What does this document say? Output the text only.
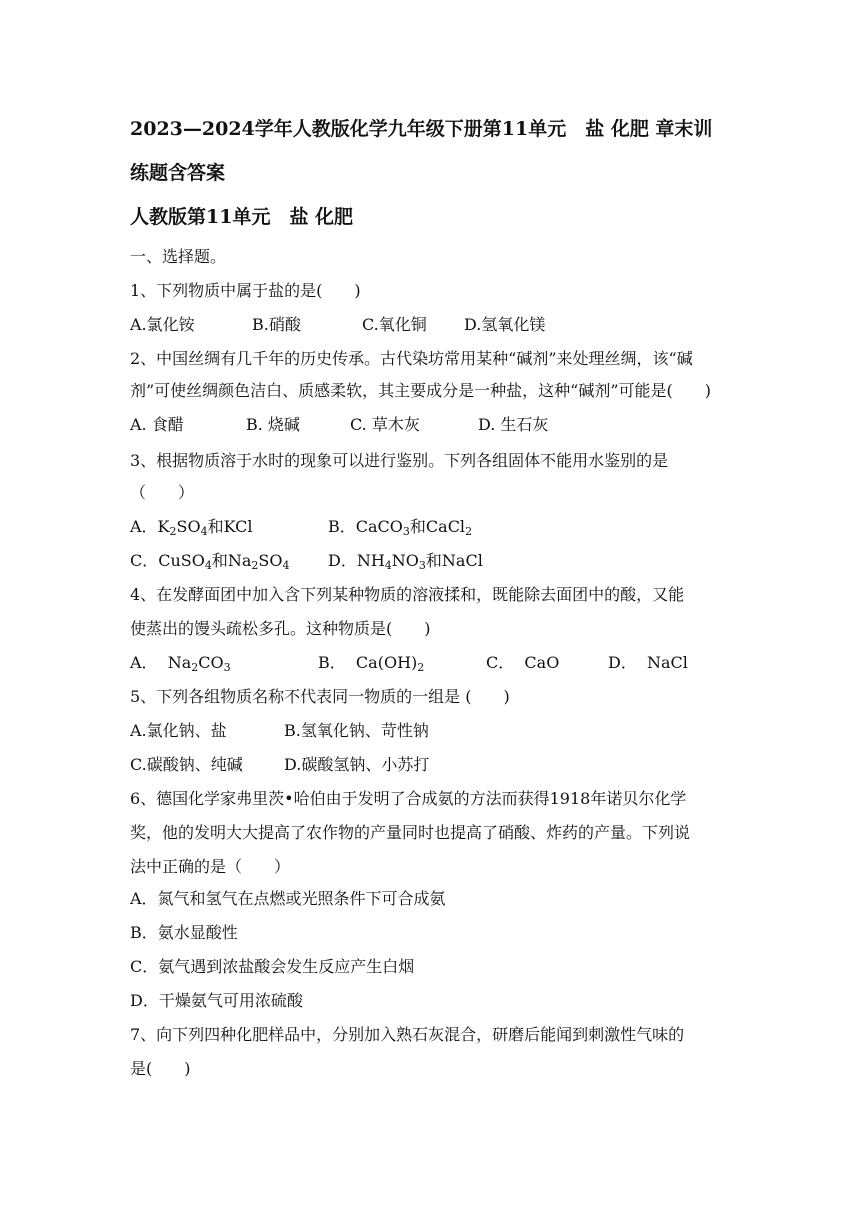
2023—2024学年人教版化学九年级下册第11单元　盐 化肥 章末训
练题含答案
人教版第11单元　盐 化肥
一、选择题。
1、下列物质中属于盐的是(　　)
A.氯化铵	B.硝酸	C.氧化铜 D.氢氧化镁
2、中国丝绸有几千年的历史传承。古代染坊常用某种“碱剂”来处理丝绸，该“碱
剂”可使丝绸颜色洁白、质感柔软，其主要成分是一种盐，这种“碱剂”可能是(　　)
A. 食醋	B. 烧碱	C. 草木灰	D. 生石灰
3、根据物质溶于水时的现象可以进行鉴别。下列各组固体不能用水鉴别的是
（　　）
A．$K_2SO_4$和KCl	B．CaCO$_3$和CaCl$_2$
C．CuSO$_4$和$Na_2SO_4$ D．$NH_4NO_3$和NaCl
4、在发酵面团中加入含下列某种物质的溶液揉和，既能除去面团中的酸，又能
使蒸出的馒头疏松多孔。这种物质是(　　)
A．  $Na_2CO_3$	B．  $Ca(OH)_2$	C．  CaO	D．  NaCl
5、下列各组物质名称不代表同一物质的一组是 (　　)
A.氯化钠、盐	B.氢氧化钠、苛性钠
C.碳酸钠、纯碱	D.碳酸氢钠、小苏打
6、德国化学家弗里茨•哈伯由于发明了合成氨的方法而获得1918年诺贝尔化学
奖，他的发明大大提高了农作物的产量同时也提高了硝酸、炸药的产量。下列说
法中正确的是（　　）
A．氮气和氢气在点燃或光照条件下可合成氨
B．氨水显酸性
C．氨气遇到浓盐酸会发生反应产生白烟
D．干燥氨气可用浓硫酸
7、向下列四种化肥样品中，分别加入熟石灰混合，研磨后能闻到刺激性气味的
是(　　)
